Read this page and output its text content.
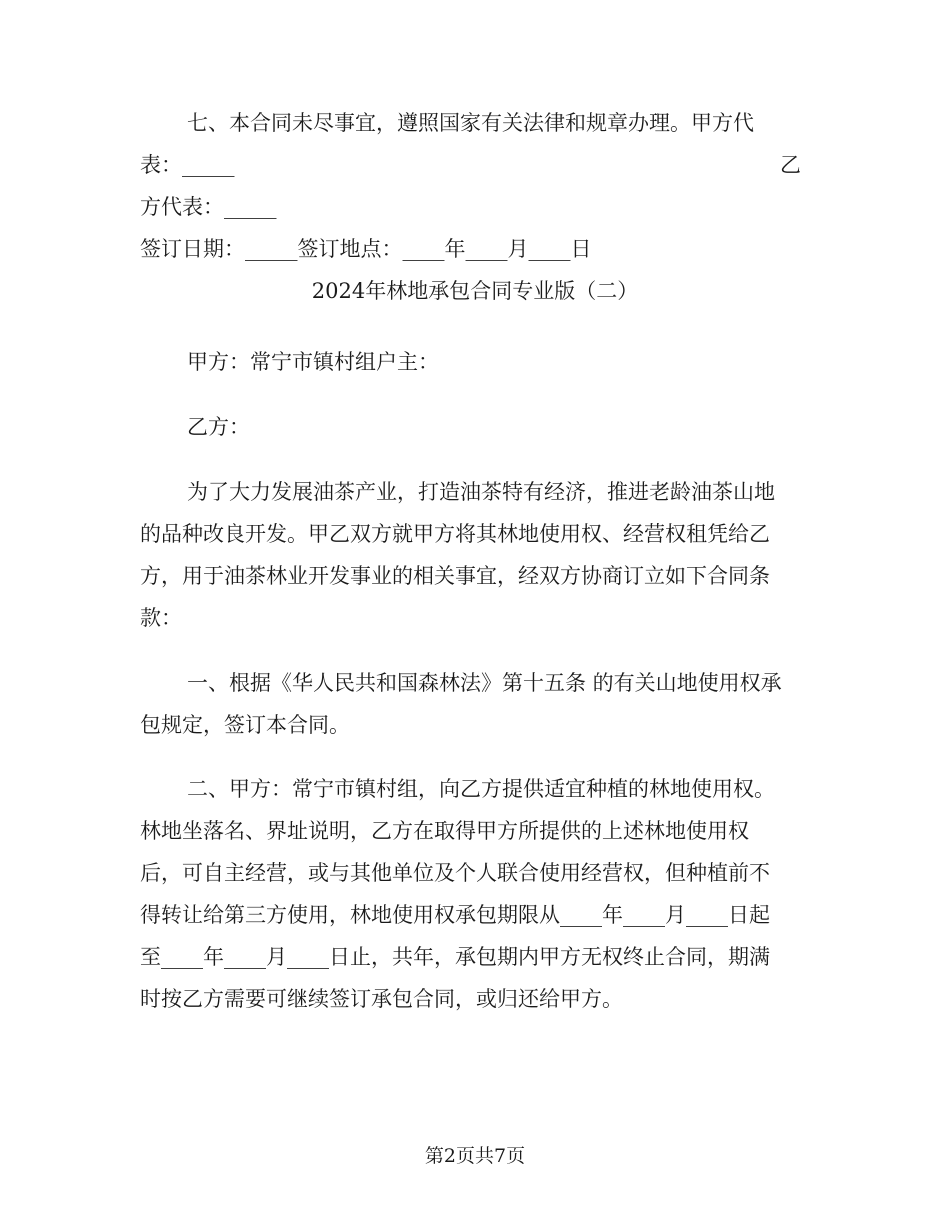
七、本合同未尽事宜，遵照国家有关法律和规章办理。甲方代

表：_____	乙

方代表：_____

签订日期：_____签订地点：____年____月____日

2024年林地承包合同专业版（二）

甲方：常宁市镇村组户主：

乙方：

为了大力发展油茶产业，打造油茶特有经济，推进老龄油茶山地

的品种改良开发。甲乙双方就甲方将其林地使用权、经营权租凭给乙

方，用于油茶林业开发事业的相关事宜，经双方协商订立如下合同条

款：

一、根据《华人民共和国森林法》第十五条 的有关山地使用权承

包规定，签订本合同。

二、甲方：常宁市镇村组，向乙方提供适宜种植的林地使用权。

林地坐落名、界址说明，乙方在取得甲方所提供的上述林地使用权

后，可自主经营，或与其他单位及个人联合使用经营权，但种植前不

得转让给第三方使用，林地使用权承包期限从____年____月____日起

至____年____月____日止，共年，承包期内甲方无权终止合同，期满

时按乙方需要可继续签订承包合同，或归还给甲方。

第2页共7页
